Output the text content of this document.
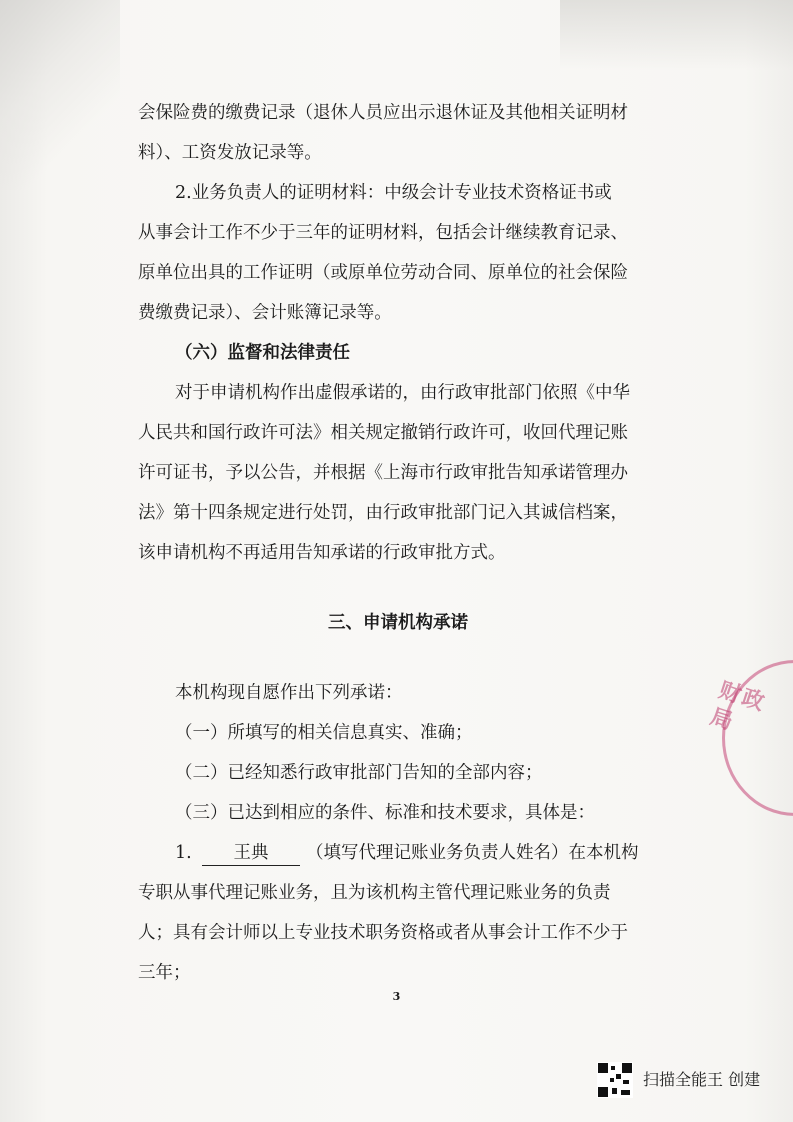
会保险费的缴费记录（退休人员应出示退休证及其他相关证明材
料）、工资发放记录等。
2.业务负责人的证明材料：中级会计专业技术资格证书或
从事会计工作不少于三年的证明材料，包括会计继续教育记录、
原单位出具的工作证明（或原单位劳动合同、原单位的社会保险
费缴费记录）、会计账簿记录等。
（六）监督和法律责任
对于申请机构作出虚假承诺的，由行政审批部门依照《中华
人民共和国行政许可法》相关规定撤销行政许可，收回代理记账
许可证书，予以公告，并根据《上海市行政审批告知承诺管理办
法》第十四条规定进行处罚，由行政审批部门记入其诚信档案，
该申请机构不再适用告知承诺的行政审批方式。
三、申请机构承诺
本机构现自愿作出下列承诺：
（一）所填写的相关信息真实、准确；
（二）已经知悉行政审批部门告知的全部内容；
（三）已达到相应的条件、标准和技术要求，具体是：
1.	王典	（填写代理记账业务负责人姓名）在本机构
专职从事代理记账业务，且为该机构主管代理记账业务的负责
人；具有会计师以上专业技术职务资格或者从事会计工作不少于
三年；
3
财政局
扫描全能王 创建
